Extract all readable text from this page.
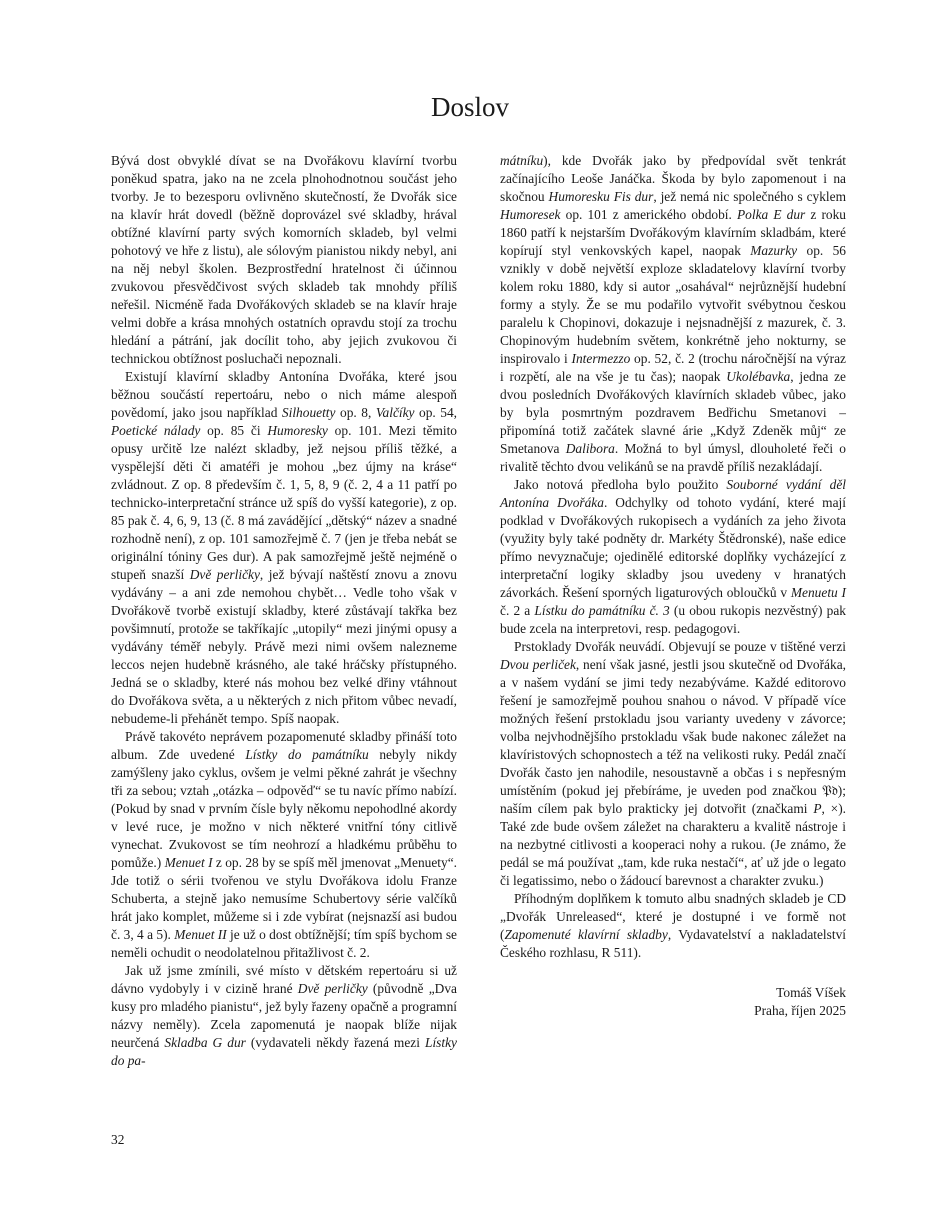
Doslov

Bývá dost obvyklé dívat se na Dvořákovu klavírní tvorbu poněkud spatra, jako na ne zcela plnohodnotnou součást jeho tvorby. Je to bezesporu ovlivněno skutečností, že Dvořák sice na klavír hrát dovedl (běžně doprovázel své skladby, hrával obtížné klavírní party svých komorních skladeb, byl velmi pohotový ve hře z listu), ale sólovým pianistou nikdy nebyl, ani na něj nebyl školen. Bezprostřední hratelnost či účinnou zvukovou přesvědčivost svých skladeb tak mnohdy příliš neřešil. Nicméně řada Dvořákových skladeb se na klavír hraje velmi dobře a krása mnohých ostatních opravdu stojí za trochu hledání a pátrání, jak docílit toho, aby jejich zvukovou či technickou obtížnost posluchači nepoznali.

Existují klavírní skladby Antonína Dvořáka, které jsou běžnou součástí repertoáru, nebo o nich máme alespoň povědomí, jako jsou například Silhouetty op. 8, Valčíky op. 54, Poetické nálady op. 85 či Humoresky op. 101. Mezi těmito opusy určitě lze nalézt skladby, jež nejsou příliš těžké, a vyspělejší děti či amatéři je mohou „bez újmy na kráse“ zvládnout. Z op. 8 především č. 1, 5, 8, 9 (č. 2, 4 a 11 patří po technicko-interpretační stránce už spíš do vyšší kategorie), z op. 85 pak č. 4, 6, 9, 13 (č. 8 má zavádějící „dětský“ název a snadné rozhodně není), z op. 101 samozřejmě č. 7 (jen je třeba nebát se originální tóniny Ges dur). A pak samozřejmě ještě nejméně o stupeň snazší Dvě perličky, jež bývají naštěstí znovu a znovu vydávány – a ani zde nemohou chybět… Vedle toho však v Dvořákově tvorbě existují skladby, které zůstávají takřka bez povšimnutí, protože se takříkajíc „utopily“ mezi jinými opusy a vydávány téměř nebyly. Právě mezi nimi ovšem nalezneme leccos nejen hudebně krásného, ale také hráčsky přístupného. Jedná se o skladby, které nás mohou bez velké dřiny vtáhnout do Dvořákova světa, a u některých z nich přitom vůbec nevadí, nebudeme-li přehánět tempo. Spíš naopak.

Právě takovéto neprávem pozapomenuté skladby přináší toto album. Zde uvedené Lístky do památníku nebyly nikdy zamýšleny jako cyklus, ovšem je velmi pěkné zahrát je všechny tři za sebou; vztah „otázka – odpověď“ se tu navíc přímo nabízí. (Pokud by snad v prvním čísle byly někomu nepohodlné akordy v levé ruce, je možno v nich některé vnitřní tóny citlivě vynechat. Zvukovost se tím neohrozí a hladkému průběhu to pomůže.) Menuet I z op. 28 by se spíš měl jmenovat „Menuety“. Jde totiž o sérii tvořenou ve stylu Dvořákova idolu Franze Schuberta, a stejně jako nemusíme Schubertovy série valčíků hrát jako komplet, můžeme si i zde vybírat (nejsnazší asi budou č. 3, 4 a 5). Menuet II je už o dost obtížnější; tím spíš bychom se neměli ochudit o neodolatelnou přitažlivost č. 2.

Jak už jsme zmínili, své místo v dětském repertoáru si už dávno vydobyly i v cizině hrané Dvě perličky (původně „Dva kusy pro mladého pianistu“, jež byly řazeny opačně a programní názvy neměly). Zcela zapomenutá je naopak blíže nijak neurčená Skladba G dur (vydavateli někdy řazená mezi Lístky do pa-

mátníku), kde Dvořák jako by předpovídal svět tenkrát začínajícího Leoše Janáčka. Škoda by bylo zapomenout i na skočnou Humoresku Fis dur, jež nemá nic společného s cyklem Humoresek op. 101 z amerického období. Polka E dur z roku 1860 patří k nejstarším Dvořákovým klavírním skladbám, které kopírují styl venkovských kapel, naopak Mazurky op. 56 vznikly v době největší exploze skladatelovy klavírní tvorby kolem roku 1880, kdy si autor „osahával“ nejrůznější hudební formy a styly. Že se mu podařilo vytvořit svébytnou českou paralelu k Chopinovi, dokazuje i nejsnadnější z mazurek, č. 3. Chopinovým hudebním světem, konkrétně jeho nokturny, se inspirovalo i Intermezzo op. 52, č. 2 (trochu náročnější na výraz i rozpětí, ale na vše je tu čas); naopak Ukolébavka, jedna ze dvou posledních Dvořákových klavírních skladeb vůbec, jako by byla posmrtným pozdravem Bedřichu Smetanovi – připomíná totiž začátek slavné árie „Když Zdeněk můj“ ze Smetanova Dalibora. Možná to byl úmysl, dlouholeté řeči o rivalitě těchto dvou velikánů se na pravdě příliš nezakládají.

Jako notová předloha bylo použito Souborné vydání děl Antonína Dvořáka. Odchylky od tohoto vydání, které mají podklad v Dvořákových rukopisech a vydáních za jeho života (využity byly také podněty dr. Markéty Štědronské), naše edice přímo nevyznačuje; ojedinělé editorské doplňky vycházející z interpretační logiky skladby jsou uvedeny v hranatých závorkách. Řešení sporných ligaturových obloučků v Menuetu I č. 2 a Lístku do památníku č. 3 (u obou rukopis nezvěstný) pak bude zcela na interpretovi, resp. pedagogovi.

Prstoklady Dvořák neuvádí. Objevují se pouze v tištěné verzi Dvou perliček, není však jasné, jestli jsou skutečně od Dvořáka, a v našem vydání se jimi tedy nezabýváme. Každé editorovo řešení je samozřejmě pouhou snahou o návod. V případě více možných řešení prstokladu jsou varianty uvedeny v závorce; volba nejvhodnějšího prstokladu však bude nakonec záležet na klavíristových schopnostech a též na velikosti ruky. Pedál značí Dvořák často jen nahodile, nesoustavně a občas i s nepřesným umístěním (pokud jej přebíráme, je uveden pod značkou 𝔓𝔡); naším cílem pak bylo prakticky jej dotvořit (značkami P, ×). Také zde bude ovšem záležet na charakteru a kvalitě nástroje i na nezbytné citlivosti a kooperaci nohy a rukou. (Je známo, že pedál se má používat „tam, kde ruka nestačí“, ať už jde o legato či legatissimo, nebo o žádoucí barevnost a charakter zvuku.)

Příhodným doplňkem k tomuto albu snadných skladeb je CD „Dvořák Unreleased“, které je dostupné i ve formě not (Zapomenuté klavírní skladby, Vydavatelství a nakladatelství Českého rozhlasu, R 511).

Tomáš Víšek
Praha, říjen 2025
32
